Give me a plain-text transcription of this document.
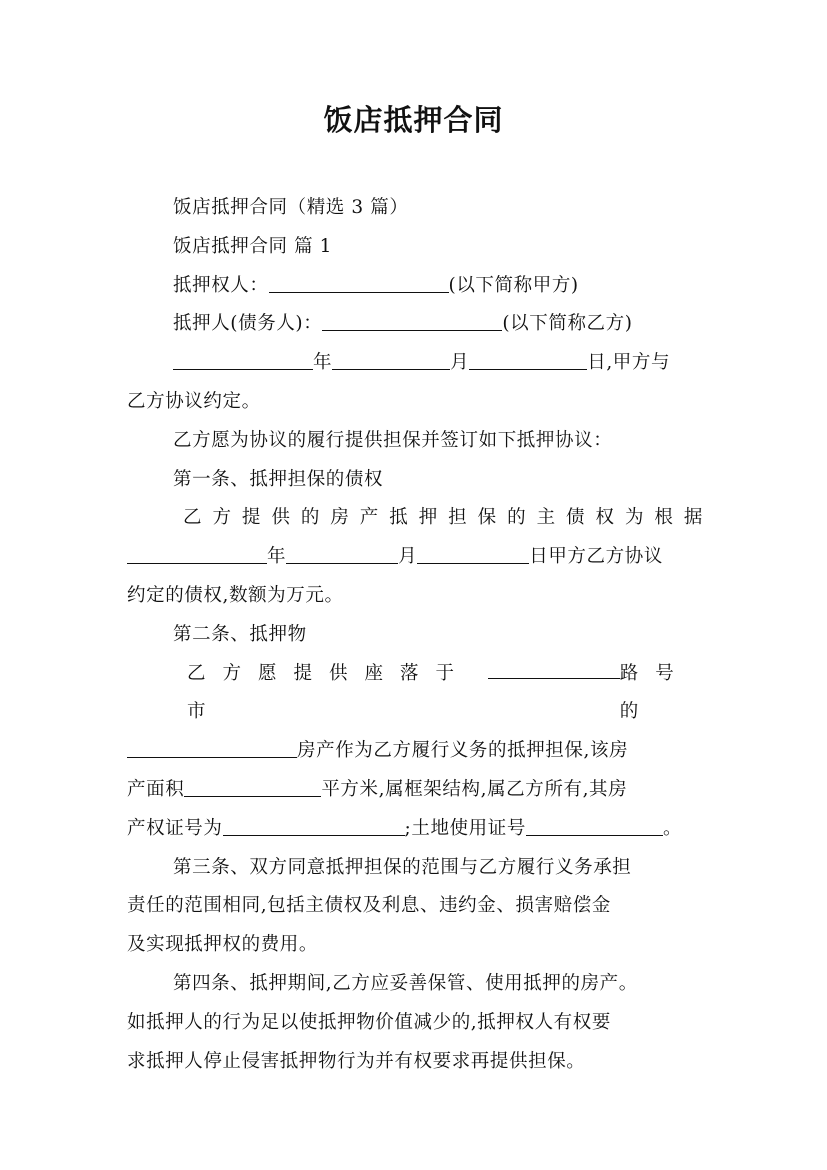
饭店抵押合同

饭店抵押合同（精选 3 篇）

饭店抵押合同 篇 1

抵押权人：	(以下简称甲方)

抵押人(债务人)：	(以下简称乙方)

年	月	日,甲方与
乙方协议约定。

乙方愿为协议的履行提供担保并签订如下抵押协议：

第一条、抵押担保的债权

乙方提供的房产抵押担保的主债权为根据

年	月	日甲方乙方协议

约定的债权,数额为万元。

第二条、抵押物

乙方愿提供座落于市
路号的

房产作为乙方履行义务的抵押担保,该房

产面积	平方米,属框架结构,属乙方所有,其房

产权证号为	;土地使用证号	。

第三条、双方同意抵押担保的范围与乙方履行义务承担
责任的范围相同,包括主债权及利息、违约金、损害赔偿金
及实现抵押权的费用。

第四条、抵押期间,乙方应妥善保管、使用抵押的房产。
如抵押人的行为足以使抵押物价值减少的,抵押权人有权要
求抵押人停止侵害抵押物行为并有权要求再提供担保。
